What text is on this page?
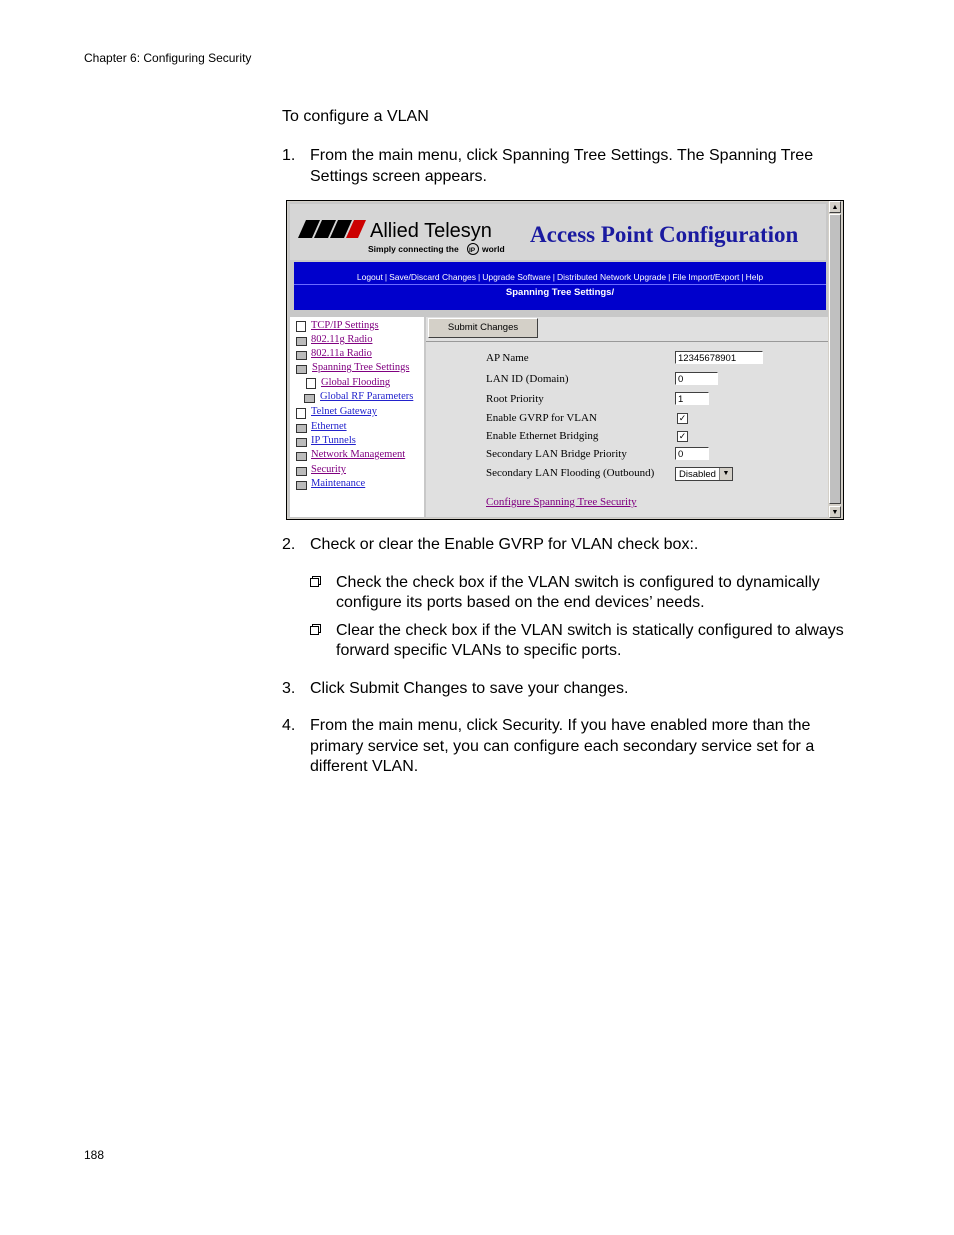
Chapter 6: Configuring Security
To configure a VLAN
1. From the main menu, click Spanning Tree Settings. The Spanning Tree Settings screen appears.
Allied Telesyn
Simply connecting the IP world
Access Point Configuration
Logout | Save/Discard Changes | Upgrade Software | Distributed Network Upgrade | File Import/Export | Help
Spanning Tree Settings/
TCP/IP Settings
802.11g Radio
802.11a Radio
Spanning Tree Settings
Global Flooding
Global RF Parameters
Telnet Gateway
Ethernet
IP Tunnels
Network Management
Security
Maintenance
Submit Changes
AP Name	12345678901
LAN ID (Domain)	0
Root Priority	1
Enable GVRP for VLAN	✓
Enable Ethernet Bridging	✓
Secondary LAN Bridge Priority	0
Secondary LAN Flooding (Outbound)	Disabled ▼
Configure Spanning Tree Security
▲
▼
2. Check or clear the Enable GVRP for VLAN check box:.
Check the check box if the VLAN switch is configured to dynamically configure its ports based on the end devices’ needs.
Clear the check box if the VLAN switch is statically configured to always forward specific VLANs to specific ports.
3. Click Submit Changes to save your changes.
4. From the main menu, click Security. If you have enabled more than the primary service set, you can configure each secondary service set for a different VLAN.
188
